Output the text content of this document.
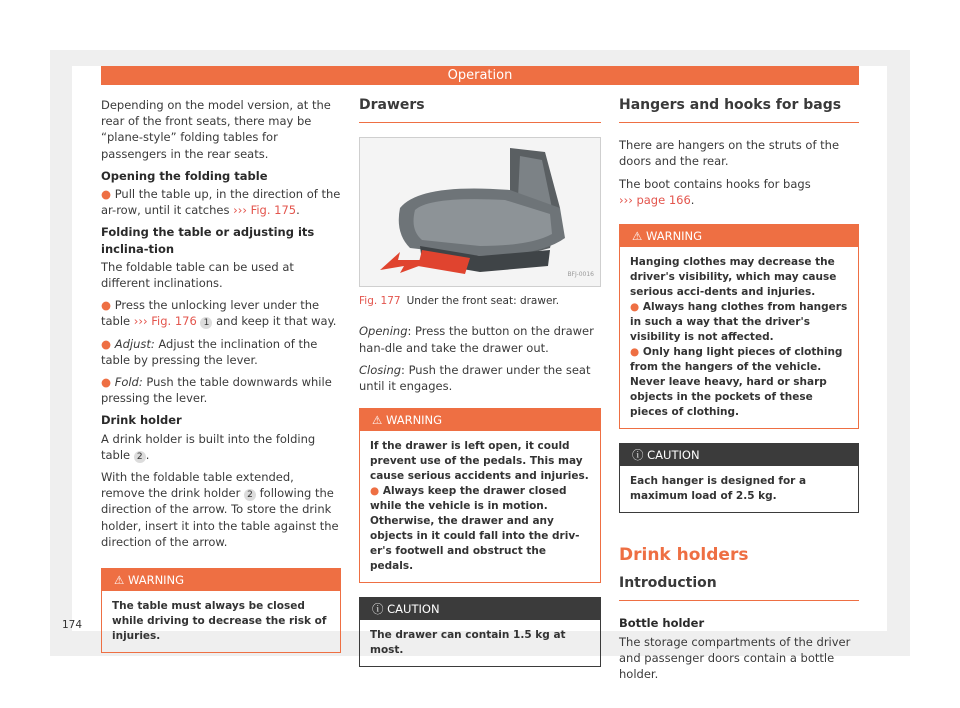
Operation

Depending on the model version, at the rear of the front seats, there may be “plane-style” folding tables for passengers in the rear seats.

Opening the folding table

● Pull the table up, in the direction of the ar-row, until it catches ››› Fig. 175.

Folding the table or adjusting its inclina-tion

The foldable table can be used at different inclinations.

● Press the unlocking lever under the table ››› Fig. 176 1 and keep it that way.

● Adjust: Adjust the inclination of the table by pressing the lever.

● Fold: Push the table downwards while pressing the lever.

Drink holder

A drink holder is built into the folding table 2 .

With the foldable table extended, remove the drink holder 2 following the direction of the arrow. To store the drink holder, insert it into the table against the direction of the arrow.

⚠ WARNING
The table must always be closed while driving to decrease the risk of injuries.
Drawers
BFJ-0016
Fig. 177 Under the front seat: drawer.

Opening: Press the button on the drawer han-dle and take the drawer out.

Closing: Push the drawer under the seat until it engages.

⚠ WARNING
If the drawer is left open, it could prevent use of the pedals. This may cause serious accidents and injuries.
● Always keep the drawer closed while the vehicle is in motion. Otherwise, the drawer and any objects in it could fall into the driv-er's footwell and obstruct the pedals.
ⓘ CAUTION
The drawer can contain 1.5 kg at most.
Hangers and hooks for bags

There are hangers on the struts of the doors and the rear.

The boot contains hooks for bags
››› page 166.

⚠ WARNING
Hanging clothes may decrease the driver's visibility, which may cause serious acci-dents and injuries.
● Always hang clothes from hangers in such a way that the driver's visibility is not affected.
● Only hang light pieces of clothing from the hangers of the vehicle. Never leave heavy, hard or sharp objects in the pockets of these pieces of clothing.
ⓘ CAUTION
Each hanger is designed for a maximum load of 2.5 kg.
Drink holders
Introduction

Bottle holder

The storage compartments of the driver and passenger doors contain a bottle holder.

174
